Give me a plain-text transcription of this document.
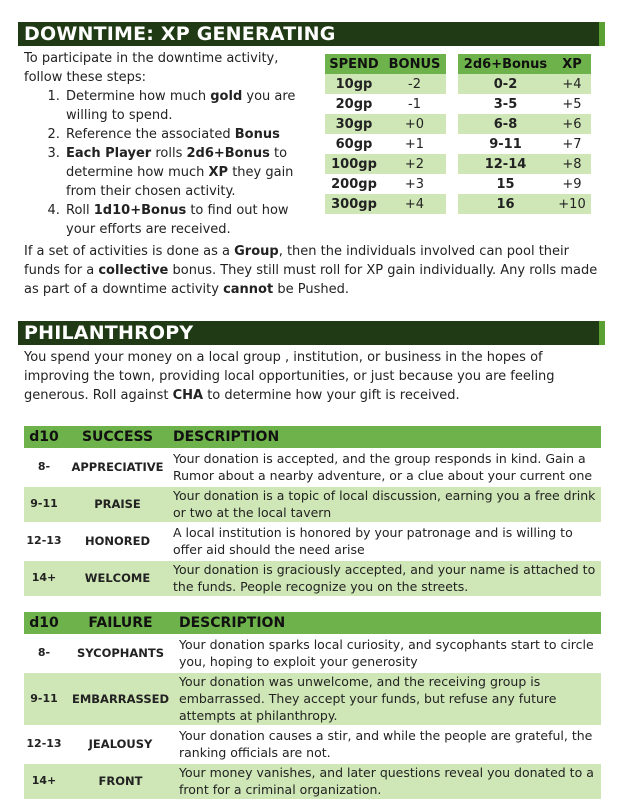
DOWNTIME: XP GENERATING
To participate in the downtime activity, follow these steps:
1. Determine how much gold you are willing to spend.
2. Reference the associated Bonus
3. Each Player rolls 2d6+Bonus to determine how much XP they gain from their chosen activity.
4. Roll 1d10+Bonus to find out how your efforts are received.
SPEND	BONUS
10gp	-2
20gp	-1
30gp	+0
60gp	+1
100gp	+2
200gp	+3
300gp	+4
2d6+Bonus	XP
0-2	+4
3-5	+5
6-8	+6
9-11	+7
12-14	+8
15	+9
16	+10
If a set of activities is done as a Group, then the individuals involved can pool their funds for a collective bonus. They still must roll for XP gain individually. Any rolls made as part of a downtime activity cannot be Pushed.
PHILANTHROPY
You spend your money on a local group , institution, or business in the hopes of improving the town, providing local opportunities, or just because you are feeling generous. Roll against CHA to determine how your gift is received.
d10	SUCCESS	DESCRIPTION
8-	APPRECIATIVE	Your donation is accepted, and the group responds in kind. Gain a Rumor about a nearby adventure, or a clue about your current one
9-11	PRAISE	Your donation is a topic of local discussion, earning you a free drink or two at the local tavern
12-13	HONORED	A local institution is honored by your patronage and is willing to offer aid should the need arise
14+	WELCOME	Your donation is graciously accepted, and your name is attached to the funds. People recognize you on the streets.
d10	FAILURE	DESCRIPTION
8-	SYCOPHANTS	Your donation sparks local curiosity, and sycophants start to circle you, hoping to exploit your generosity
9-11	EMBARRASSED	Your donation was unwelcome, and the receiving group is embarrassed. They accept your funds, but refuse any future attempts at philanthropy.
12-13	JEALOUSY	Your donation causes a stir, and while the people are grateful, the ranking officials are not.
14+	FRONT	Your money vanishes, and later questions reveal you donated to a front for a criminal organization.
